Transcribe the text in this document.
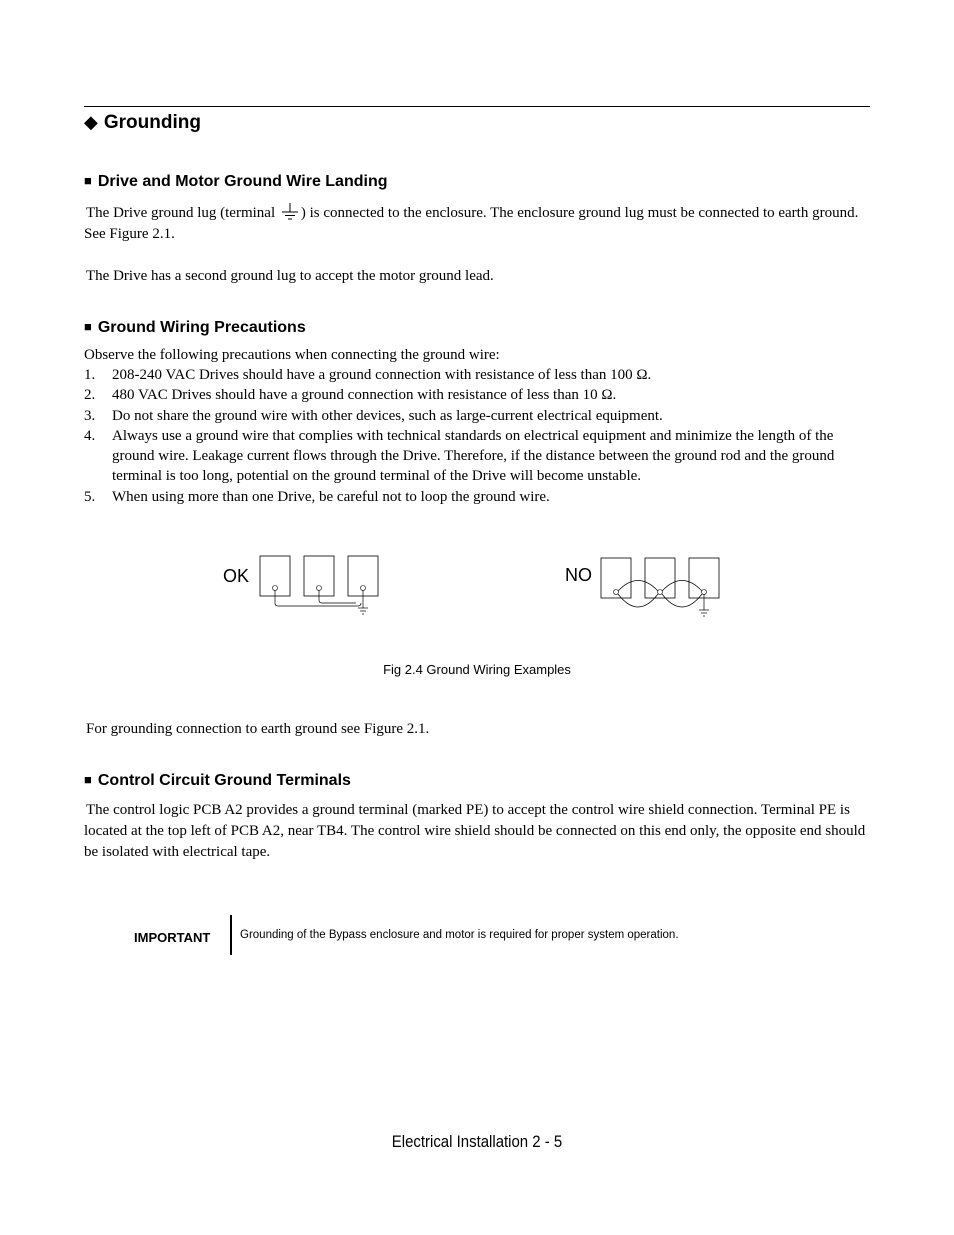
◆ Grounding
■ Drive and Motor Ground Wire Landing
The Drive ground lug (terminal ) is connected to the enclosure. The enclosure ground lug must be connected to earth ground. See Figure 2.1.
The Drive has a second ground lug to accept the motor ground lead.
■ Ground Wiring Precautions
Observe the following precautions when connecting the ground wire:
1. 208-240 VAC Drives should have a ground connection with resistance of less than 100 Ω.
2. 480 VAC Drives should have a ground connection with resistance of less than 10 Ω.
3. Do not share the ground wire with other devices, such as large-current electrical equipment.
4. Always use a ground wire that complies with technical standards on electrical equipment and minimize the length of the ground wire. Leakage current flows through the Drive. Therefore, if the distance between the ground rod and the ground terminal is too long, potential on the ground terminal of the Drive will become unstable.
5. When using more than one Drive, be careful not to loop the ground wire.
OK	NO
Fig 2.4 Ground Wiring Examples
For grounding connection to earth ground see Figure 2.1.
■ Control Circuit Ground Terminals
The control logic PCB A2 provides a ground terminal (marked PE) to accept the control wire shield connection. Terminal PE is located at the top left of PCB A2, near TB4. The control wire shield should be connected on this end only, the opposite end should be isolated with electrical tape.
IMPORTANT	Grounding of the Bypass enclosure and motor is required for proper system operation.
Electrical Installation 2 - 5
